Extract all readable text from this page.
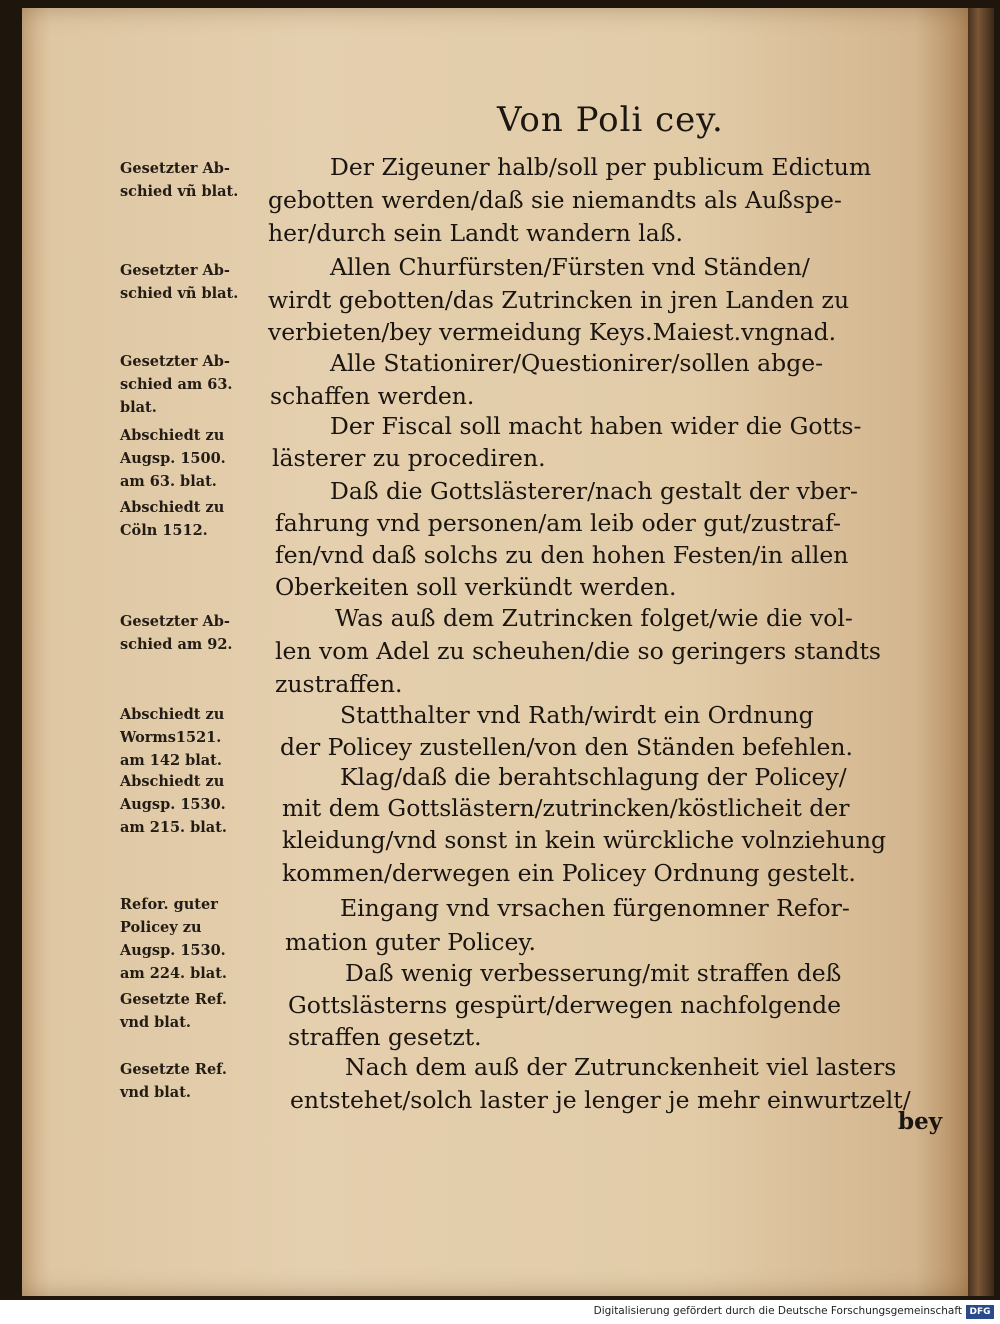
Von Poli cey.
Gesetzter Ab-
schied vñ blat.
Gesetzter Ab-
schied vñ blat.
Gesetzter Ab-
schied am 63.
blat.
Abschiedt zu
Augsp. 1500.
am 63. blat.
Abschiedt zu
Cöln 1512.
Gesetzter Ab-
schied am 92.
Abschiedt zu
Worms1521.
am 142 blat.
Abschiedt zu
Augsp. 1530.
am 215. blat.
Refor. guter
Policey zu
Augsp. 1530.
am 224. blat.
Gesetzte Ref.
vnd blat.
Gesetzte Ref.
vnd blat.
Der Zigeuner halb/soll per publicum Edictum
gebotten werden/daß sie niemandts als Außspe-
her/durch sein Landt wandern laß.
Allen Churfürsten/Fürsten vnd Ständen/
wirdt gebotten/das Zutrincken in jren Landen zu
verbieten/bey vermeidung Keys.Maiest.vngnad.
Alle Stationirer/Questionirer/sollen abge-
schaffen werden.
Der Fiscal soll macht haben wider die Gotts-
lästerer zu procediren.
Daß die Gottslästerer/nach gestalt der vber-
fahrung vnd personen/am leib oder gut/zustraf-
fen/vnd daß solchs zu den hohen Festen/in allen
Oberkeiten soll verkündt werden.
Was auß dem Zutrincken folget/wie die vol-
len vom Adel zu scheuhen/die so geringers standts
zustraffen.
Statthalter vnd Rath/wirdt ein Ordnung
der Policey zustellen/von den Ständen befehlen.
Klag/daß die berahtschlagung der Policey/
mit dem Gottslästern/zutrincken/köstlicheit der
kleidung/vnd sonst in kein würckliche volnziehung
kommen/derwegen ein Policey Ordnung gestelt.
Eingang vnd vrsachen fürgenomner Refor-
mation guter Policey.
Daß wenig verbesserung/mit straffen deß
Gottslästerns gespürt/derwegen nachfolgende
straffen gesetzt.
Nach dem auß der Zutrunckenheit viel lasters
entstehet/solch laster je lenger je mehr einwurtzelt/
bey
Digitalisierung gefördert durch die Deutsche Forschungsgemeinschaft DFG
